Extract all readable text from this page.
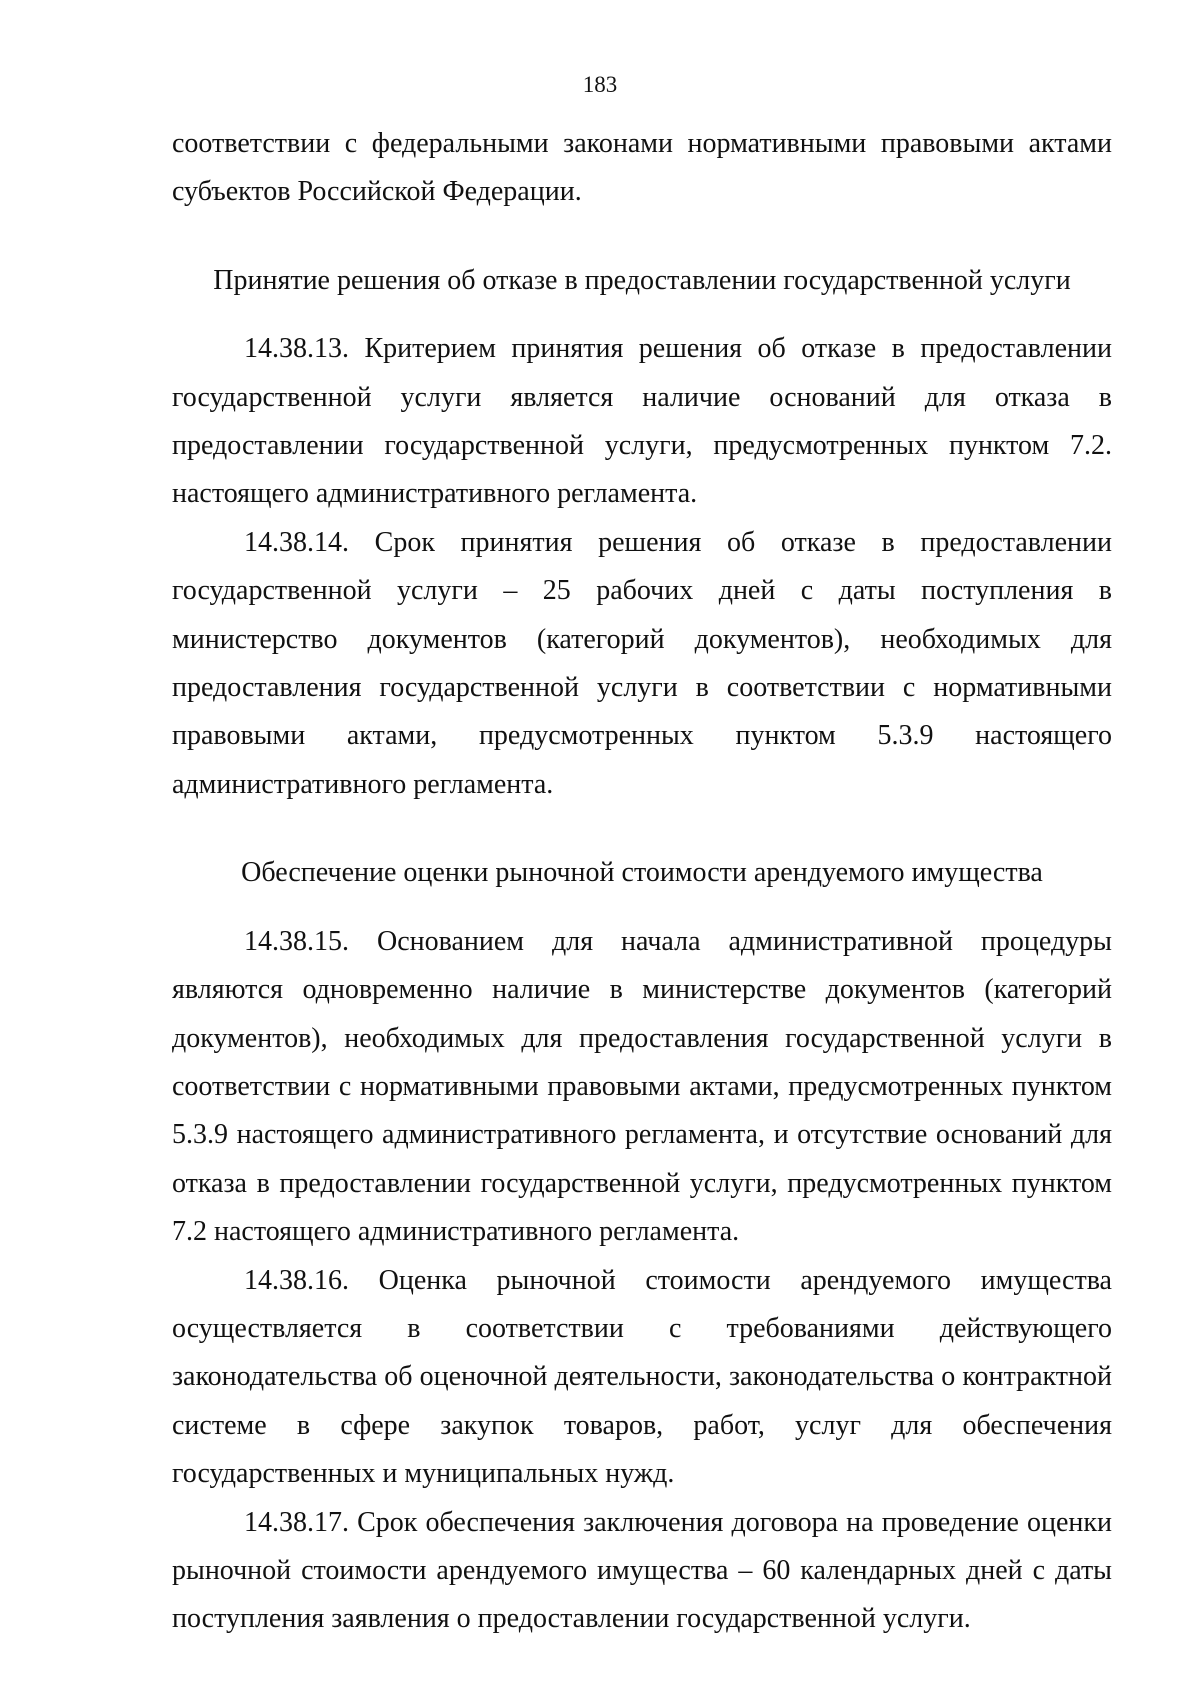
183

соответствии с федеральными законами нормативными правовыми актами субъектов Российской Федерации.

Принятие решения об отказе в предоставлении государственной услуги

14.38.13. Критерием принятия решения об отказе в предоставлении государственной услуги является наличие оснований для отказа в предоставлении государственной услуги, предусмотренных пунктом 7.2. настоящего административного регламента.

14.38.14. Срок принятия решения об отказе в предоставлении государственной услуги – 25 рабочих дней с даты поступления в министерство документов (категорий документов), необходимых для предоставления государственной услуги в соответствии с нормативными правовыми актами, предусмотренных пунктом 5.3.9 настоящего административного регламента.

Обеспечение оценки рыночной стоимости арендуемого имущества

14.38.15. Основанием для начала административной процедуры являются одновременно наличие в министерстве документов (категорий документов), необходимых для предоставления государственной услуги в соответствии с нормативными правовыми актами, предусмотренных пунктом 5.3.9 настоящего административного регламента, и отсутствие оснований для отказа в предоставлении государственной услуги, предусмотренных пунктом 7.2 настоящего административного регламента.

14.38.16. Оценка рыночной стоимости арендуемого имущества осуществляется в соответствии с требованиями действующего законодательства об оценочной деятельности, законодательства о контрактной системе в сфере закупок товаров, работ, услуг для обеспечения государственных и муниципальных нужд.

14.38.17. Срок обеспечения заключения договора на проведение оценки рыночной стоимости арендуемого имущества – 60 календарных дней с даты поступления заявления о предоставлении государственной услуги.
